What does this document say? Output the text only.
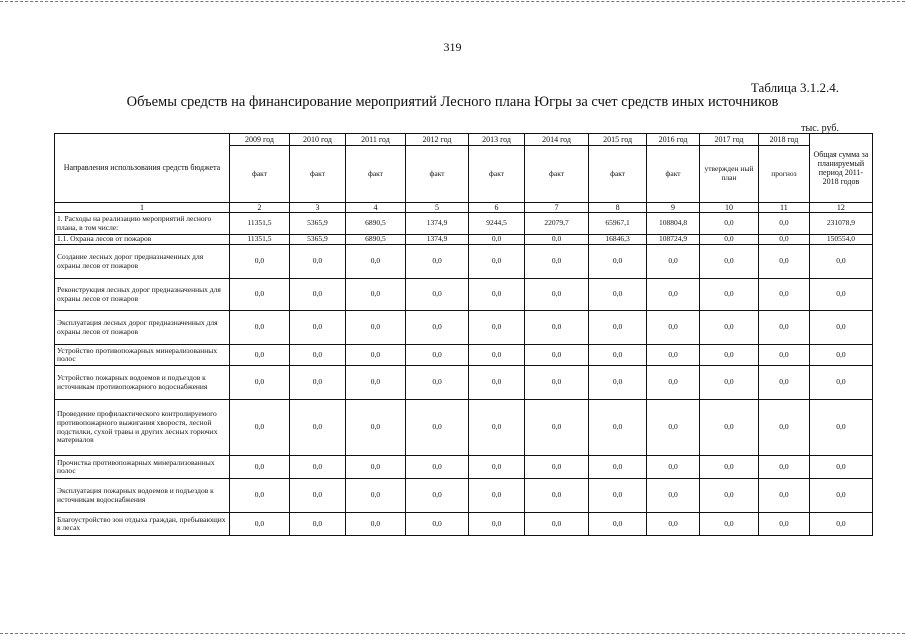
319
Таблица 3.1.2.4.
Объемы средств на финансирование мероприятий Лесного плана Югры за счет средств иных источников
тыс. руб.
Направления использования средств бюджета	2009 год	2010 год	2011 год	2012 год	2013 год	2014 год	2015 год	2016 год	2017 год	2018 год	Общая сумма за планируемый период 2011-2018 годов
	факт	факт	факт	факт	факт	факт	факт	факт	утвержден ный план	прогноз	
1	2	3	4	5	6	7	8	9	10	11	12
1. Расходы на реализацию мероприятий лесного плана, в том числе:	11351,5	5365,9	6890,5	1374,9	9244,5	22079,7	65967,1	108804,8	0,0	0,0	231078,9
1.1. Охрана лесов от пожаров	11351,5	5365,9	6890,5	1374,9	0,0	0,0	16846,3	108724,9	0,0	0,0	150554,0
Создание лесных дорог предназначенных для охраны лесов от пожаров	0,0	0,0	0,0	0,0	0,0	0,0	0,0	0,0	0,0	0,0	0,0
Реконструкция лесных дорог предназначенных для охраны лесов от пожаров	0,0	0,0	0,0	0,0	0,0	0,0	0,0	0,0	0,0	0,0	0,0
Эксплуатация лесных дорог предназначенных для охраны лесов от пожаров	0,0	0,0	0,0	0,0	0,0	0,0	0,0	0,0	0,0	0,0	0,0
Устройство противопожарных минерализованных полос	0,0	0,0	0,0	0,0	0,0	0,0	0,0	0,0	0,0	0,0	0,0
Устройство пожарных водоемов и подъездов к источникам противопожарного водоснабжения	0,0	0,0	0,0	0,0	0,0	0,0	0,0	0,0	0,0	0,0	0,0
Проведение профилактического контролируемого противопожарного выжигания хворостя, лесной подстилки, сухой травы и других лесных горючих материалов	0,0	0,0	0,0	0,0	0,0	0,0	0,0	0,0	0,0	0,0	0,0
Прочистка противопожарных минерализованных полос	0,0	0,0	0,0	0,0	0,0	0,0	0,0	0,0	0,0	0,0	0,0
Эксплуатация пожарных водоемов и подъездов к источникам водоснабжения	0,0	0,0	0,0	0,0	0,0	0,0	0,0	0,0	0,0	0,0	0,0
Благоустройство зон отдыха граждан, пребывающих в лесах	0,0	0,0	0,0	0,0	0,0	0,0	0,0	0,0	0,0	0,0	0,0
